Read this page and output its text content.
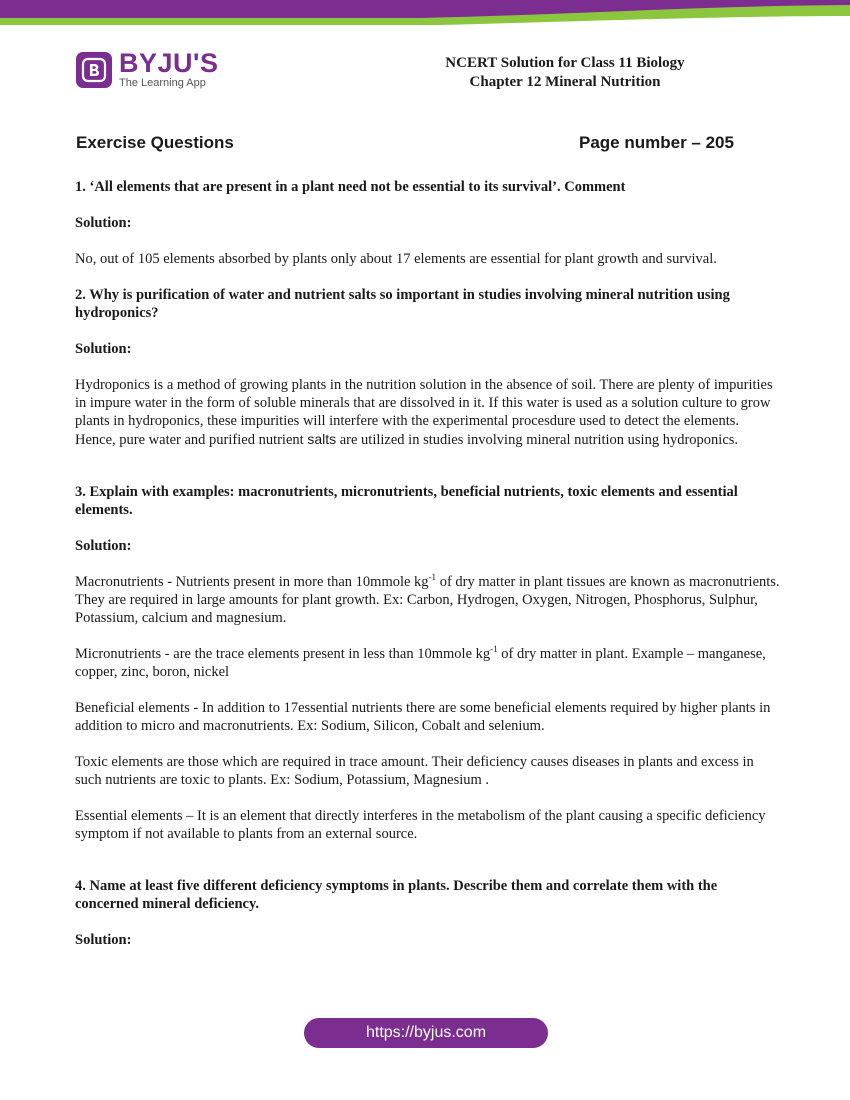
BYJU'S
The Learning App
NCERT Solution for Class 11 Biology
Chapter 12 Mineral Nutrition
Exercise Questions	Page number – 205

1. ‘All elements that are present in a plant need not be essential to its survival’. Comment

Solution:

No, out of 105 elements absorbed by plants only about 17 elements are essential for plant growth and survival.

2. Why is purification of water and nutrient salts so important in studies involving mineral nutrition using hydroponics?

Solution:

Hydroponics is a method of growing plants in the nutrition solution in the absence of soil. There are plenty of impurities in impure water in the form of soluble minerals that are dissolved in it. If this water is used as a solution culture to grow plants in hydroponics, these impurities will interfere with the experimental procesdure used to detect the elements. Hence, pure water and purified nutrient salts are utilized in studies involving mineral nutrition using hydroponics.

3. Explain with examples: macronutrients, micronutrients, beneficial nutrients, toxic elements and essential elements.

Solution:

Macronutrients - Nutrients present in more than 10mmole $kg^{-1}$ of dry matter in plant tissues are known as macronutrients. They are required in large amounts for plant growth. Ex: Carbon, Hydrogen, Oxygen, Nitrogen, Phosphorus, Sulphur, Potassium, calcium and magnesium.

Micronutrients - are the trace elements present in less than 10mmole $kg^{-1}$ of dry matter in plant. Example – manganese, copper, zinc, boron, nickel

Beneficial elements - In addition to 17essential nutrients there are some beneficial elements required by higher plants in addition to micro and macronutrients. Ex: Sodium, Silicon, Cobalt and selenium.

Toxic elements are those which are required in trace amount. Their deficiency causes diseases in plants and excess in such nutrients are toxic to plants. Ex: Sodium, Potassium, Magnesium .

Essential elements – It is an element that directly interferes in the metabolism of the plant causing a specific deficiency symptom if not available to plants from an external source.

4. Name at least five different deficiency symptoms in plants. Describe them and correlate them with the concerned mineral deficiency.

Solution:

https://byjus.com
